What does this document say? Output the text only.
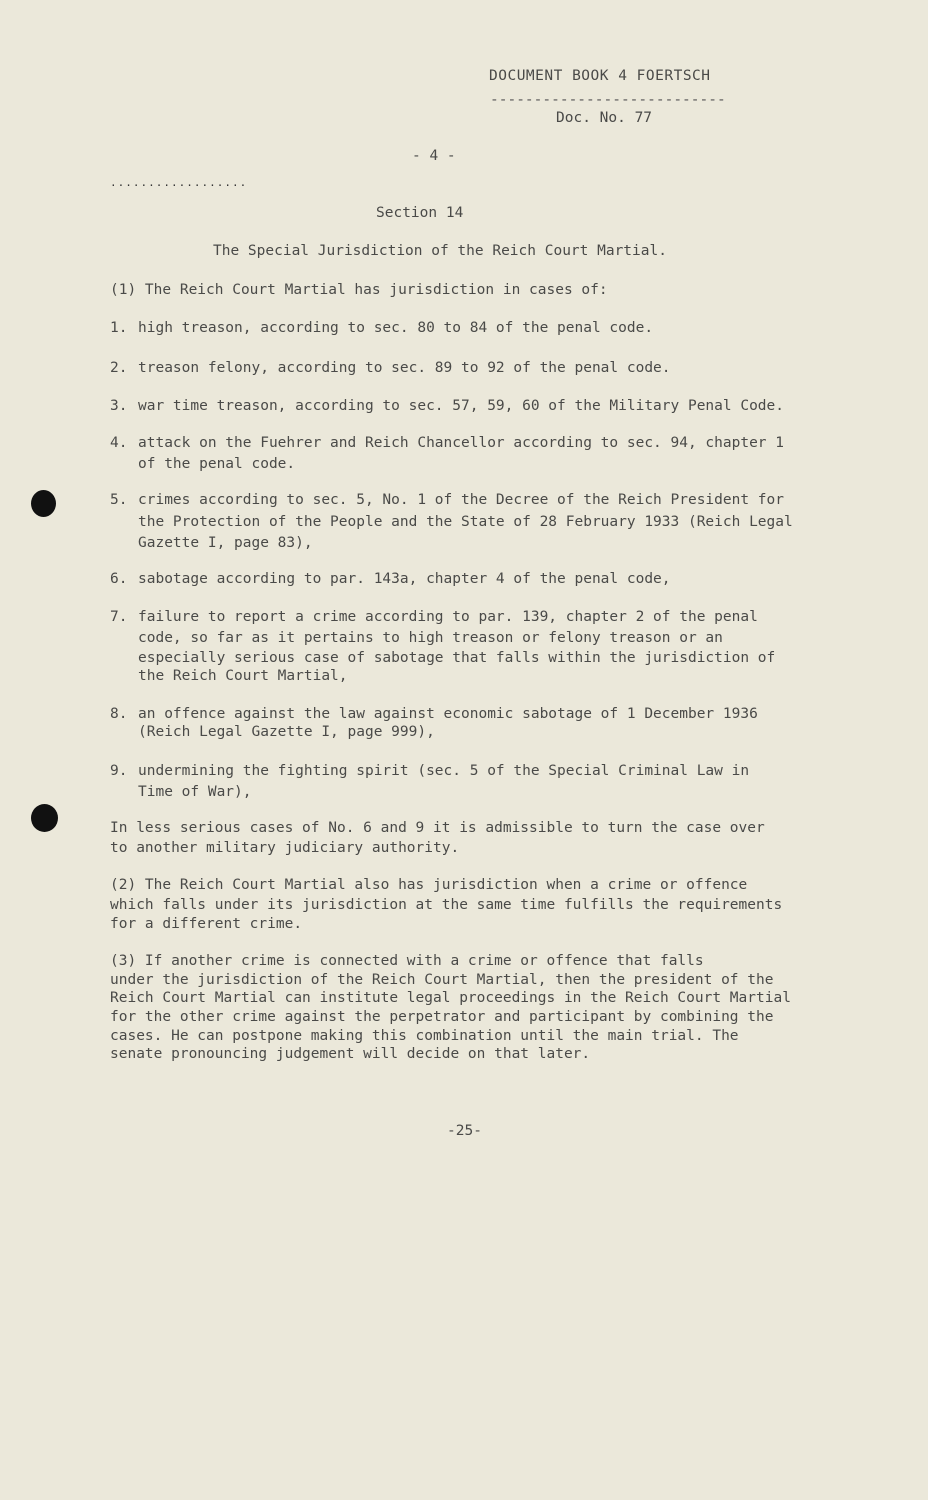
DOCUMENT BOOK 4 FOERTSCH
---------------------------
Doc. No. 77
- 4 -
..................
Section 14
The Special Jurisdiction of the Reich Court Martial.
(1) The Reich Court Martial has jurisdiction in cases of:
1. high treason, according to sec. 80 to 84 of the penal code.
2. treason felony, according to sec. 89 to 92 of the penal code.
3. war time treason, according to sec. 57, 59, 60 of the Military Penal Code.
4. attack on the Fuehrer and Reich Chancellor according to sec. 94, chapter 1
of the penal code.
5. crimes according to sec. 5, No. 1 of the Decree of the Reich President for
the Protection of the People and the State of 28 February 1933 (Reich Legal
Gazette I, page 83),
6. sabotage according to par. 143a, chapter 4 of the penal code,
7. failure to report a crime according to par. 139, chapter 2 of the penal
code, so far as it pertains to high treason or felony treason or an
especially serious case of sabotage that falls within the jurisdiction of
the Reich Court Martial,
8. an offence against the law against economic sabotage of 1 December 1936
(Reich Legal Gazette I, page 999),
9. undermining the fighting spirit (sec. 5 of the Special Criminal Law in
Time of War),
In less serious cases of No. 6 and 9 it is admissible to turn the case over
to another military judiciary authority.
(2) The Reich Court Martial also has jurisdiction when a crime or offence
which falls under its jurisdiction at the same time fulfills the requirements
for a different crime.
(3) If another crime is connected with a crime or offence that falls
under the jurisdiction of the Reich Court Martial, then the president of the
Reich Court Martial can institute legal proceedings in the Reich Court Martial
for the other crime against the perpetrator and participant by combining the
cases. He can postpone making this combination until the main trial. The
senate pronouncing judgement will decide on that later.
-25-
